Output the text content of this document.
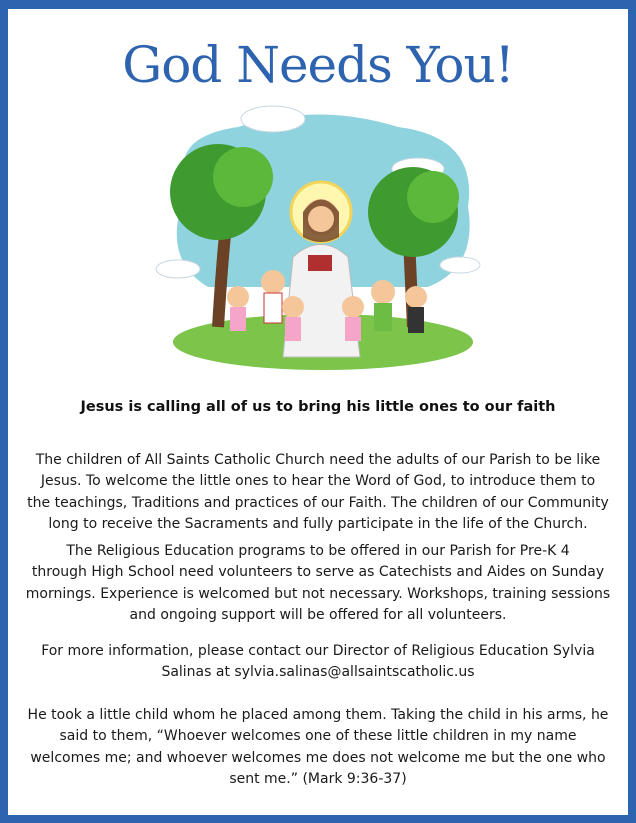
God Needs You!
Jesus is calling all of us to bring his little ones to our faith
The children of All Saints Catholic Church need the adults of our Parish to be like
Jesus. To welcome the little ones to hear the Word of God, to introduce them to
the teachings, Traditions and practices of our Faith. The children of our Community
long to receive the Sacraments and fully participate in the life of the Church.
The Religious Education programs to be offered in our Parish for Pre-K 4
through High School need volunteers to serve as Catechists and Aides on Sunday
mornings. Experience is welcomed but not necessary. Workshops, training sessions
and ongoing support will be offered for all volunteers.
For more information, please contact our Director of Religious Education Sylvia
Salinas at sylvia.salinas@allsaintscatholic.us
He took a little child whom he placed among them. Taking the child in his arms, he
said to them, “Whoever welcomes one of these little children in my name
welcomes me; and whoever welcomes me does not welcome me but the one who
sent me.” (Mark 9:36-37)
